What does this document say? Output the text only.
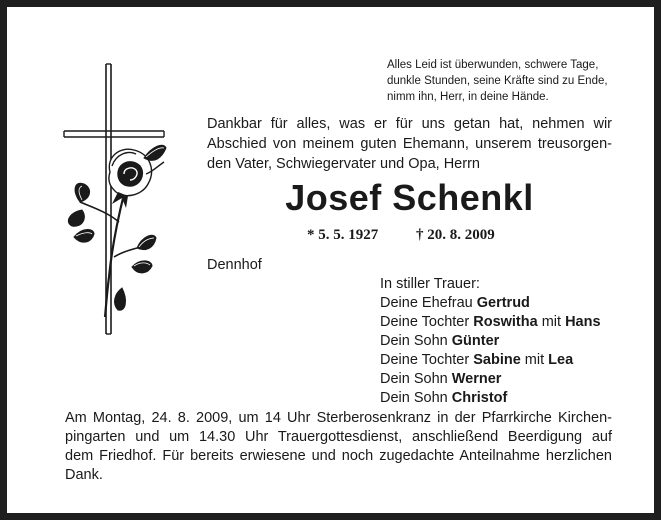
Alles Leid ist überwunden, schwere Tage,
dunkle Stunden, seine Kräfte sind zu Ende,
nimm ihn, Herr, in deine Hände.
Dankbar für alles, was er für uns getan hat, nehmen wir
Abschied von meinem guten Ehemann, unserem treusorgen-
den Vater, Schwiegervater und Opa, Herrn
Josef Schenkl
* 5. 5. 1927	† 20. 8. 2009
Dennhof
In stiller Trauer:
Deine Ehefrau Gertrud
Deine Tochter Roswitha mit Hans
Dein Sohn Günter
Deine Tochter Sabine mit Lea
Dein Sohn Werner
Dein Sohn Christof
Am Montag, 24. 8. 2009, um 14 Uhr Sterberosenkranz in der Pfarrkirche Kirchen-
pingarten und um 14.30 Uhr Trauergottesdienst, anschließend Beerdigung auf
dem Friedhof. Für bereits erwiesene und noch zugedachte Anteilnahme herzlichen
Dank.
